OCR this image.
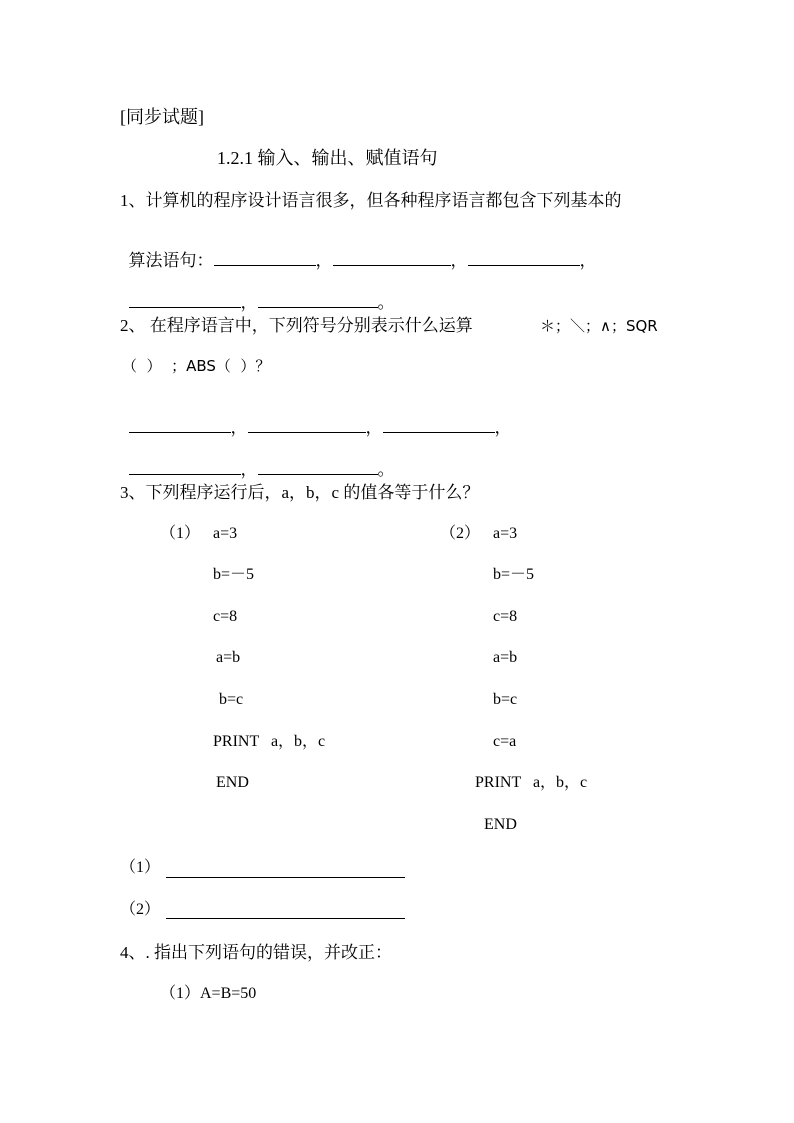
[同步试题]
1.2.1 输入、输出、赋值语句
1、计算机的程序设计语言很多，但各种程序语言都包含下列基本的

算法语句：	，	，	，

，	。

2、 在程序语言中，下列符号分别表示什么运算	＊；＼；∧；SQR
（  ）  ；ABS（  ）？

，	，	，

，	。

3、下列程序运行后，a，b，c 的值各等于什么？
（1） a=3
b=－5
c=8
a=b
b=c
PRINT   a，b，c
END
（2） a=3
b=－5
c=8
a=b
b=c
c=a
PRINT   a，b，c
END
（1）
（2）
4、. 指出下列语句的错误，并改正：
（1）A=B=50
